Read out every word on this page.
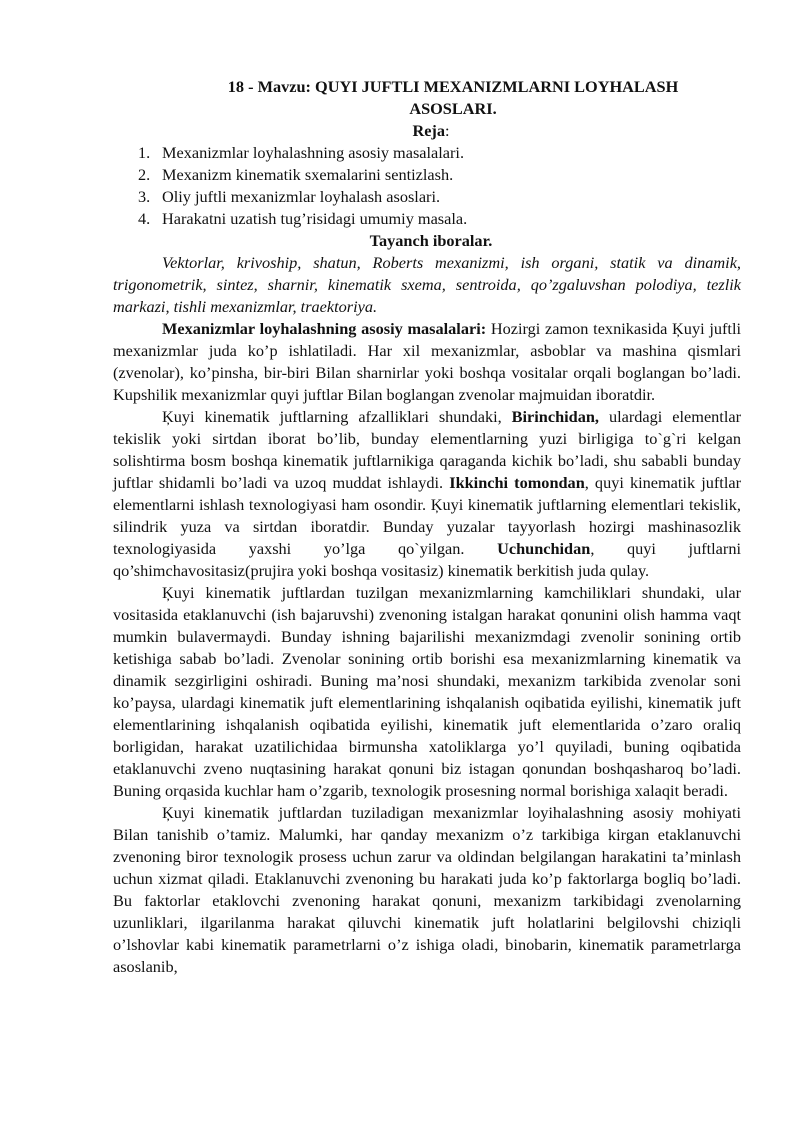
18 - Mavzu: QUYI JUFTLI MEXANIZMLARNI LOYHALASH
ASOSLARI.
Reja:
1. Mexanizmlar loyhalashning asosiy masalalari.
2. Mexanizm kinematik sxemalarini sentizlash.
3. Oliy juftli mexanizmlar loyhalash asoslari.
4. Harakatni uzatish tug’risidagi umumiy masala.
Tayanch iboralar.

Vektorlar, krivoship, shatun, Roberts mexanizmi, ish organi, statik va dinamik, trigonometrik, sintez, sharnir, kinematik sxema, sentroida, qo’zgaluvshan polodiya, tezlik markazi, tishli mexanizmlar, traektoriya.

Mexanizmlar loyhalashning asosiy masalalari: Hozirgi zamon texnikasida Ķuyi juftli mexanizmlar juda ko’p ishlatiladi. Har xil mexanizmlar, asboblar va mashina qismlari (zvenolar), ko’pinsha, bir-biri Bilan sharnirlar yoki boshqa vositalar orqali boglangan bo’ladi. Kupshilik mexanizmlar quyi juftlar Bilan boglangan zvenolar majmuidan iboratdir.

Ķuyi kinematik juftlarning afzalliklari shundaki, Birinchidan, ulardagi elementlar tekislik yoki sirtdan iborat bo’lib, bunday elementlarning yuzi birligiga to`g`ri kelgan solishtirma bosm boshqa kinematik juftlarnikiga qaraganda kichik bo’ladi, shu sababli bunday juftlar shidamli bo’ladi va uzoq muddat ishlaydi. Ikkinchi tomondan, quyi kinematik juftlar elementlarni ishlash texnologiyasi ham osondir. Ķuyi kinematik juftlarning elementlari tekislik, silindrik yuza va sirtdan iboratdir. Bunday yuzalar tayyorlash hozirgi mashinasozlik texnologiyasida yaxshi yo’lga qo`yilgan. Uchunchidan, quyi juftlarni qo’shimchavositasiz(prujira yoki boshqa vositasiz) kinematik berkitish juda qulay.

Ķuyi kinematik juftlardan tuzilgan mexanizmlarning kamchiliklari shundaki, ular vositasida etaklanuvchi (ish bajaruvshi) zvenoning istalgan harakat qonunini olish hamma vaqt mumkin bulavermaydi. Bunday ishning bajarilishi mexanizmdagi zvenolir sonining ortib ketishiga sabab bo’ladi. Zvenolar sonining ortib borishi esa mexanizmlarning kinematik va dinamik sezgirligini oshiradi. Buning ma’nosi shundaki, mexanizm tarkibida zvenolar soni ko’paysa, ulardagi kinematik juft elementlarining ishqalanish oqibatida eyilishi, kinematik juft elementlarining ishqalanish oqibatida eyilishi, kinematik juft elementlarida o’zaro oraliq borligidan, harakat uzatilichidaa birmunsha xatoliklarga yo’l quyiladi, buning oqibatida etaklanuvchi zveno nuqtasining harakat qonuni biz istagan qonundan boshqasharoq bo’ladi. Buning orqasida kuchlar ham o’zgarib, texnologik prosesning normal borishiga xalaqit beradi.

Ķuyi kinematik juftlardan tuziladigan mexanizmlar loyihalashning asosiy mohiyati Bilan tanishib o’tamiz. Malumki, har qanday mexanizm o’z tarkibiga kirgan etaklanuvchi zvenoning biror texnologik prosess uchun zarur va oldindan belgilangan harakatini ta’minlash uchun xizmat qiladi. Etaklanuvchi zvenoning bu harakati juda ko’p faktorlarga bogliq bo’ladi. Bu faktorlar etaklovchi zvenoning harakat qonuni, mexanizm tarkibidagi zvenolarning uzunliklari, ilgarilanma harakat qiluvchi kinematik juft holatlarini belgilovshi chiziqli o’lshovlar kabi kinematik parametrlarni o’z ishiga oladi, binobarin, kinematik parametrlarga asoslanib,
